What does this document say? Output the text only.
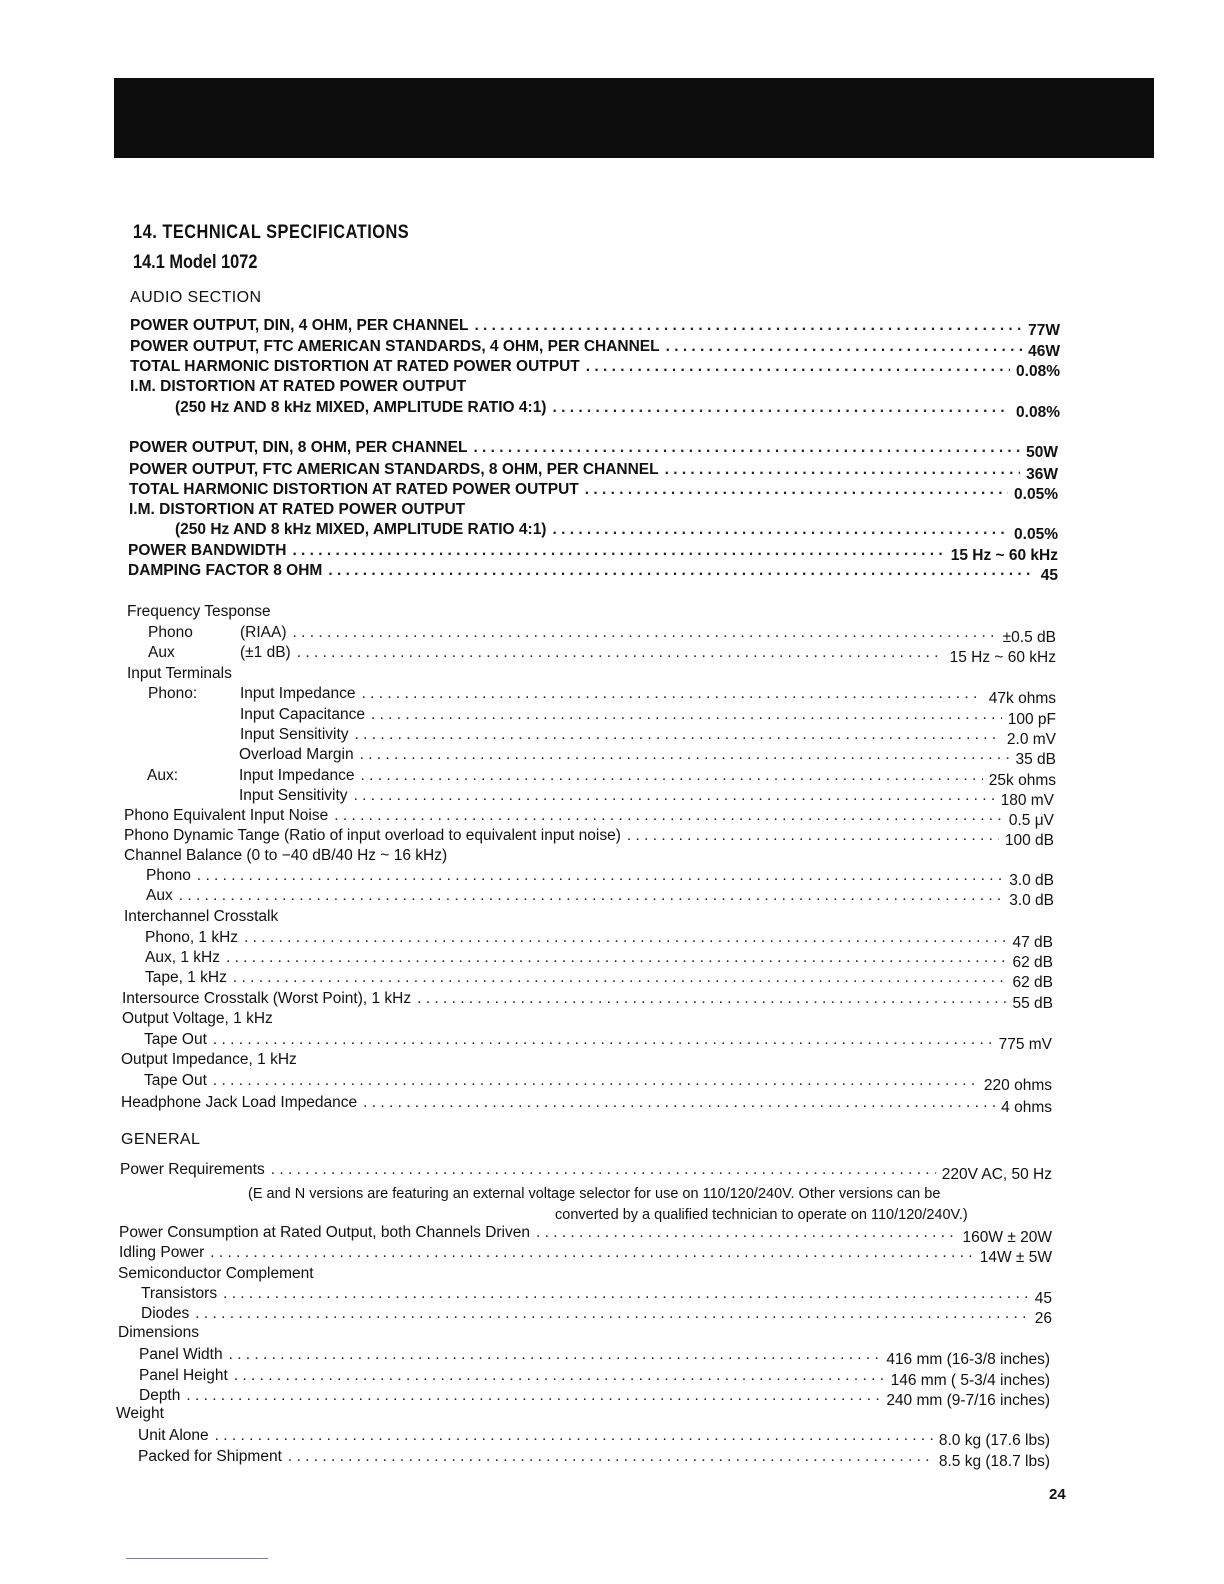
14. TECHNICAL SPECIFICATIONS
14.1 Model 1072
AUDIO SECTION
POWER OUTPUT, DIN, 4 OHM, PER CHANNEL . . .	77W
POWER OUTPUT, FTC AMERICAN STANDARDS, 4 OHM, PER CHANNEL . . .	46W
TOTAL HARMONIC DISTORTION AT RATED POWER OUTPUT . . .	0.08%
I.M. DISTORTION AT RATED POWER OUTPUT
(250 Hz AND 8 kHz MIXED, AMPLITUDE RATIO 4:1) . . .	0.08%
POWER OUTPUT, DIN, 8 OHM, PER CHANNEL . . .	50W
POWER OUTPUT, FTC AMERICAN STANDARDS, 8 OHM, PER CHANNEL . . .	36W
TOTAL HARMONIC DISTORTION AT RATED POWER OUTPUT . . .	0.05%
I.M. DISTORTION AT RATED POWER OUTPUT
(250 Hz AND 8 kHz MIXED, AMPLITUDE RATIO 4:1) . . .	0.05%
POWER BANDWIDTH . . .	15 Hz ~ 60 kHz
DAMPING FACTOR 8 OHM . . .	45
Frequency Tesponse
Phono	(RIAA) . . .	±0.5 dB
Aux	(±1 dB) . . .	15 Hz ~ 60 kHz
Input Terminals
Phono:	Input Impedance . . .	47k ohms
Input Capacitance . . .	100 pF
Input Sensitivity . . .	2.0 mV
Overload Margin . . .	35 dB
Aux:	Input Impedance . . .	25k ohms
Input Sensitivity . . .	180 mV
Phono Equivalent Input Noise . . .	0.5 μV
Phono Dynamic Tange (Ratio of input overload to equivalent input noise) . . .	100 dB
Channel Balance (0 to −40 dB/40 Hz ~ 16 kHz)
Phono . . .	3.0 dB
Aux . . .	3.0 dB
Interchannel Crosstalk
Phono, 1 kHz . . .	47 dB
Aux, 1 kHz . . .	62 dB
Tape, 1 kHz . . .	62 dB
Intersource Crosstalk (Worst Point), 1 kHz . . .	55 dB
Output Voltage, 1 kHz
Tape Out . . .	775 mV
Output Impedance, 1 kHz
Tape Out . . .	220 ohms
Headphone Jack Load Impedance . . .	4 ohms
GENERAL
Power Requirements . . .	220V AC, 50 Hz
(E and N versions are featuring an external voltage selector for use on 110/120/240V. Other versions can be
converted by a qualified technician to operate on 110/120/240V.)
Power Consumption at Rated Output, both Channels Driven . . .	160W ± 20W
Idling Power . . .	14W ± 5W
Semiconductor Complement
Transistors . . .	45
Diodes . . .	26
Dimensions
Panel Width . . .	416 mm (16-3/8 inches)
Panel Height . . .	146 mm ( 5-3/4 inches)
Depth . . .	240 mm (9-7/16 inches)
Weight
Unit Alone . . .	8.0 kg (17.6 lbs)
Packed for Shipment . . .	8.5 kg (18.7 lbs)
24
